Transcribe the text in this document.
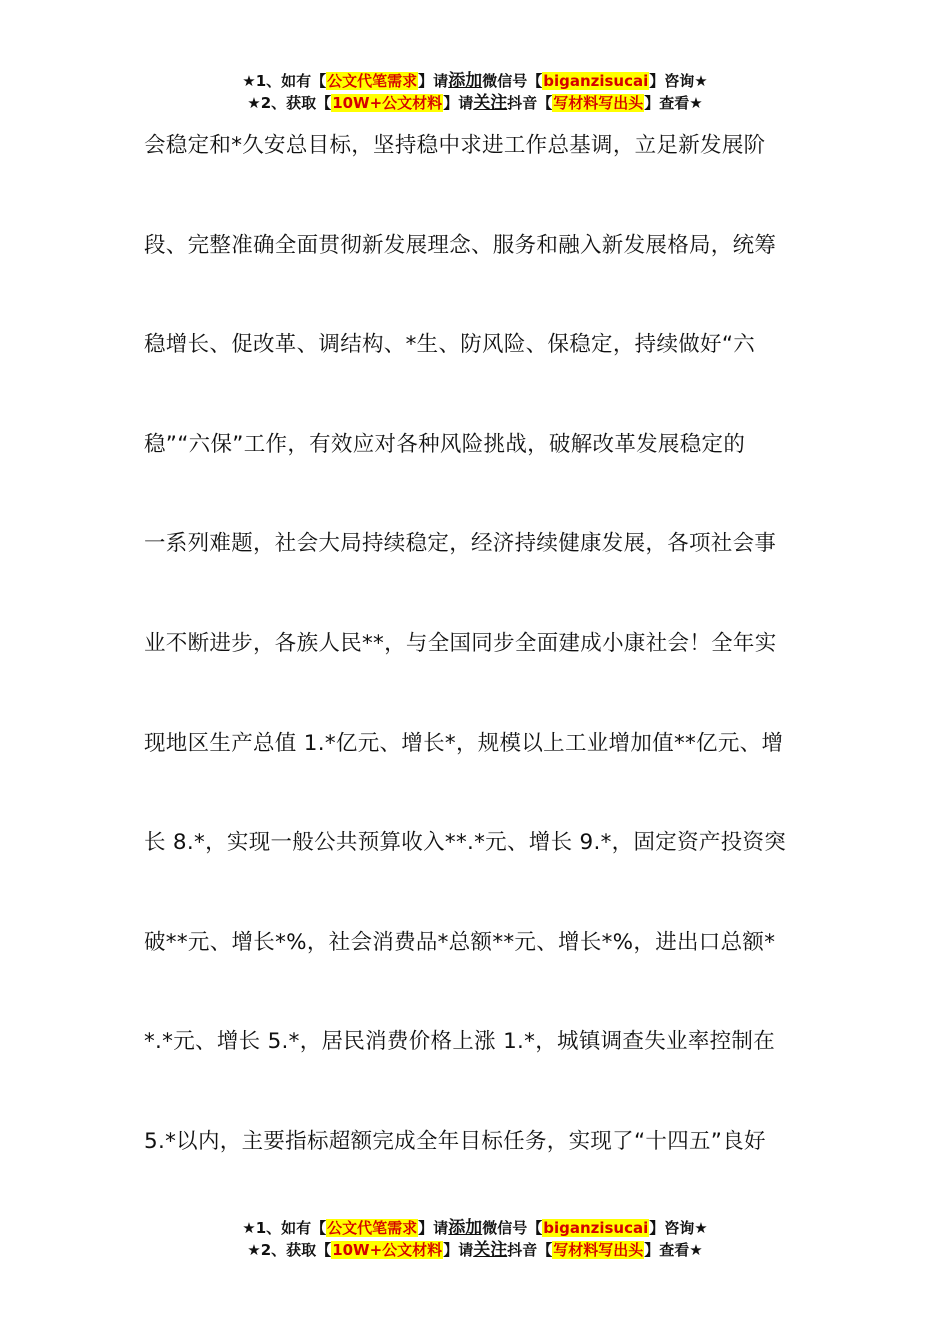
★1、如有【公文代笔需求】请添加微信号【biganzisucai】咨询★
★2、获取【10W+公文材料】请关注抖音【写材料写出头】查看★
会稳定和*久安总目标，坚持稳中求进工作总基调，立足新发展阶
段、完整准确全面贯彻新发展理念、服务和融入新发展格局，统筹
稳增长、促改革、调结构、*生、防风险、保稳定，持续做好“六
稳”“六保”工作，有效应对各种风险挑战，破解改革发展稳定的
一系列难题，社会大局持续稳定，经济持续健康发展，各项社会事
业不断进步，各族人民**，与全国同步全面建成小康社会！全年实
现地区生产总值 1.*亿元、增长*，规模以上工业增加值**亿元、增
长 8.*，实现一般公共预算收入**.*元、增长 9.*，固定资产投资突
破**元、增长*%，社会消费品*总额**元、增长*%，进出口总额*
*.*元、增长 5.*，居民消费价格上涨 1.*，城镇调查失业率控制在
5.*以内，主要指标超额完成全年目标任务，实现了“十四五”良好
★1、如有【公文代笔需求】请添加微信号【biganzisucai】咨询★
★2、获取【10W+公文材料】请关注抖音【写材料写出头】查看★
